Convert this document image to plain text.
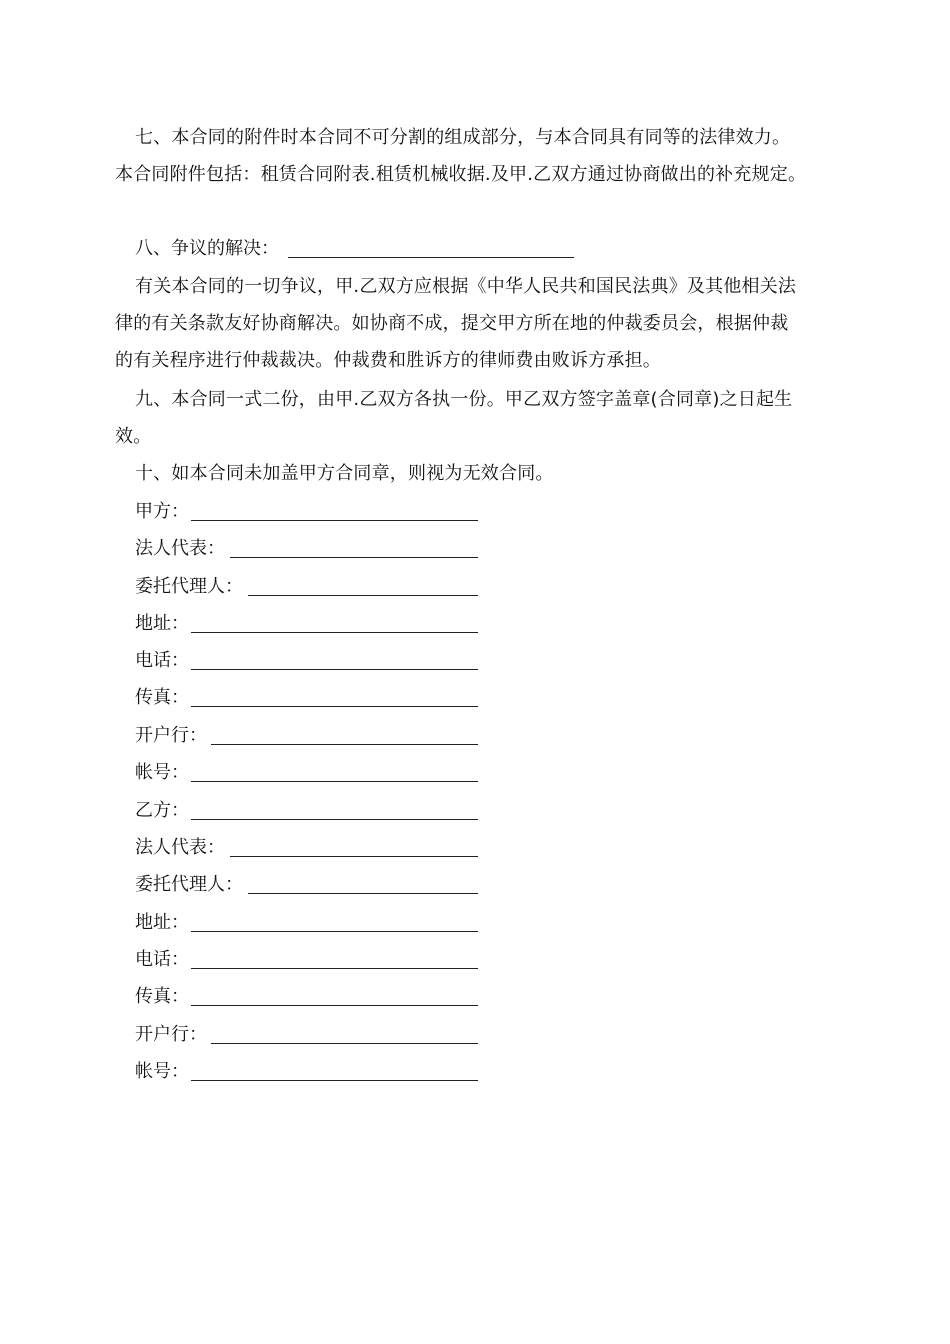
七、本合同的附件时本合同不可分割的组成部分，与本合同具有同等的法律效力。
本合同附件包括：租赁合同附表.租赁机械收据.及甲.乙双方通过协商做出的补充规定。
八、争议的解决：
有关本合同的一切争议，甲.乙双方应根据《中华人民共和国民法典》及其他相关法
律的有关条款友好协商解决。如协商不成，提交甲方所在地的仲裁委员会，根据仲裁
的有关程序进行仲裁裁决。仲裁费和胜诉方的律师费由败诉方承担。
九、本合同一式二份，由甲.乙双方各执一份。甲乙双方签字盖章(合同章)之日起生
效。
十、如本合同未加盖甲方合同章，则视为无效合同。
甲方：
法人代表：
委托代理人：
地址：
电话：
传真：
开户行：
帐号：
乙方：
法人代表：
委托代理人：
地址：
电话：
传真：
开户行：
帐号：
